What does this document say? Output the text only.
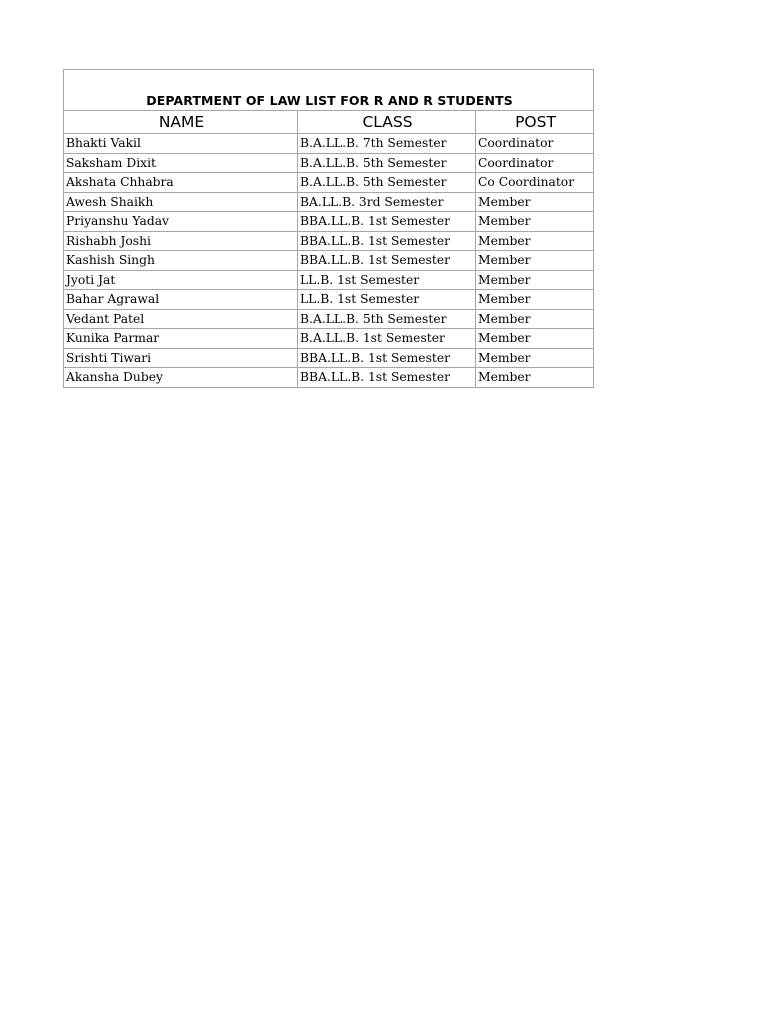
DEPARTMENT OF LAW LIST FOR R AND R STUDENTS		
NAME	CLASS	POST
Bhakti Vakil	B.A.LL.B. 7th Semester	Coordinator
Saksham Dixit	B.A.LL.B. 5th Semester	Coordinator
Akshata Chhabra	B.A.LL.B. 5th Semester	Co Coordinator
Awesh Shaikh	BA.LL.B. 3rd Semester	Member
Priyanshu Yadav	BBA.LL.B. 1st Semester	Member
Rishabh Joshi	BBA.LL.B. 1st Semester	Member
Kashish Singh	BBA.LL.B. 1st Semester	Member
Jyoti Jat	LL.B. 1st Semester	Member
Bahar Agrawal	LL.B. 1st Semester	Member
Vedant Patel	B.A.LL.B. 5th Semester	Member
Kunika Parmar	B.A.LL.B. 1st Semester	Member
Srishti Tiwari	BBA.LL.B. 1st Semester	Member
Akansha Dubey	BBA.LL.B. 1st Semester	Member
